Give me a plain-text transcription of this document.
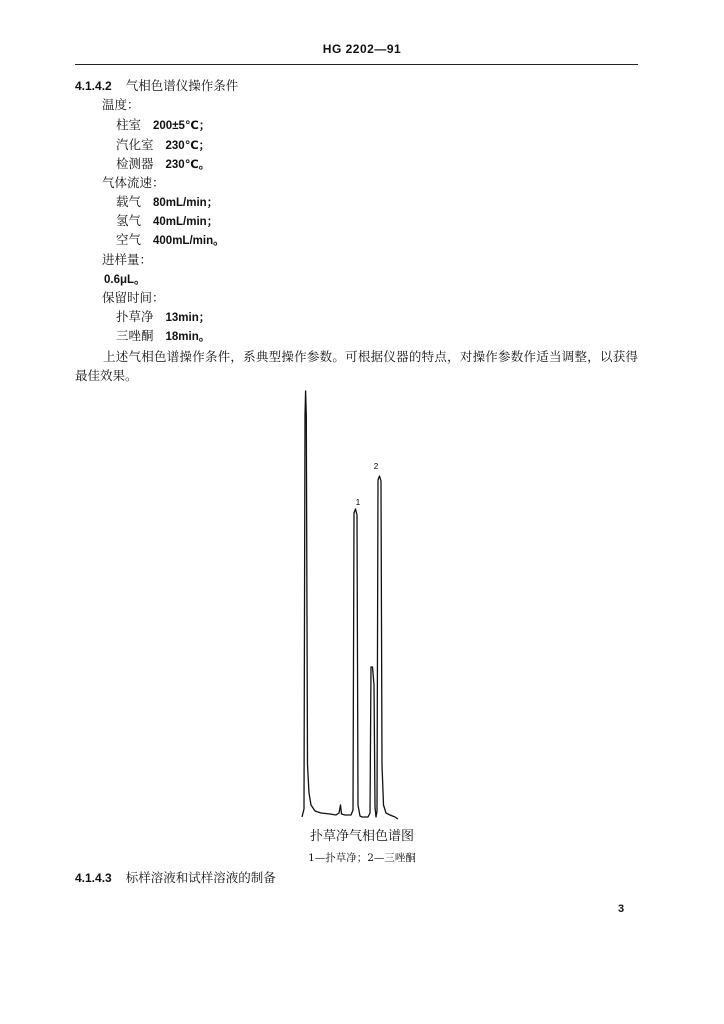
HG 2202—91
4.1.4.2 气相色谱仪操作条件
温度：
柱室 200±5℃；
汽化室 230℃；
检测器 230℃。
气体流速：
载气 80mL/min；
氢气 40mL/min；
空气 400mL/min。
进样量：
0.6μL。
保留时间：
扑草净 13min；
三唑酮 18min。
上述气相色谱操作条件，系典型操作参数。可根据仪器的特点，对操作参数作适当调整，以获得最佳效果。
1
2
扑草净气相色谱图
1—扑草净；2—三唑酮
4.1.4.3 标样溶液和试样溶液的制备
3
